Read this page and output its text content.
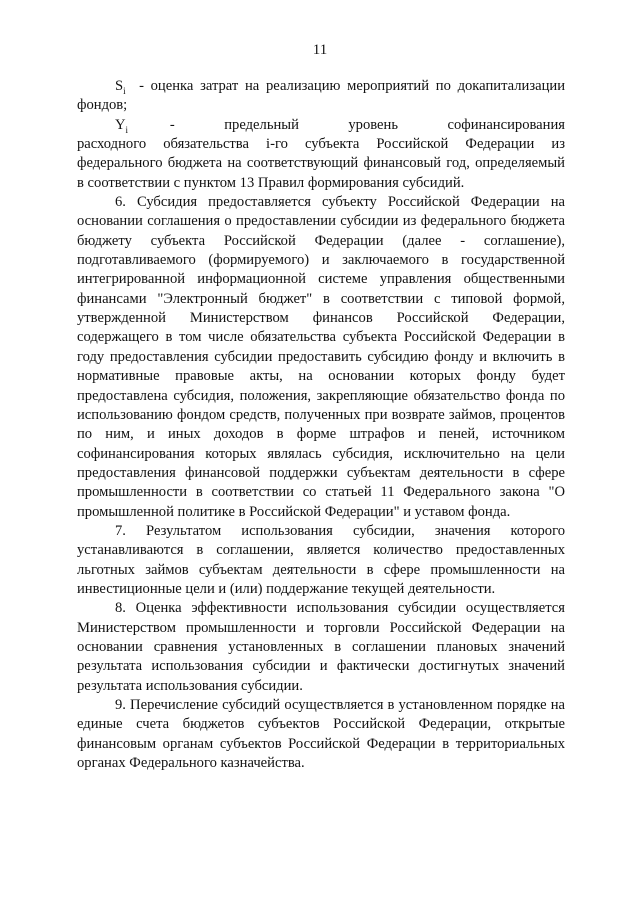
11

$S_i$ - оценка затрат на реализацию мероприятий по докапитализации фондов;

$Y_i$	- предельный уровень софинансирования расходного обязательства i-го субъекта Российской Федерации из федерального бюджета на соответствующий финансовый год, определяемый в соответствии с пунктом 13 Правил формирования субсидий.

6. Субсидия предоставляется субъекту Российской Федерации на основании соглашения о предоставлении субсидии из федерального бюджета бюджету субъекта Российской Федерации (далее - соглашение), подготавливаемого (формируемого) и заключаемого в государственной интегрированной информационной системе управления общественными финансами "Электронный бюджет" в соответствии с типовой формой, утвержденной Министерством финансов Российской Федерации, содержащего в том числе обязательства субъекта Российской Федерации в году предоставления субсидии предоставить субсидию фонду и включить в нормативные правовые акты, на основании которых фонду будет предоставлена субсидия, положения, закрепляющие обязательство фонда по использованию фондом средств, полученных при возврате займов, процентов по ним, и иных доходов в форме штрафов и пеней, источником софинансирования которых являлась субсидия, исключительно на цели предоставления финансовой поддержки субъектам деятельности в сфере промышленности в соответствии со статьей 11 Федерального закона "О промышленной политике в Российской Федерации" и уставом фонда.

7. Результатом использования субсидии, значения которого устанавливаются в соглашении, является количество предоставленных льготных займов субъектам деятельности в сфере промышленности на инвестиционные цели и (или) поддержание текущей деятельности.

8. Оценка эффективности использования субсидии осуществляется Министерством промышленности и торговли Российской Федерации на основании сравнения установленных в соглашении плановых значений результата использования субсидии и фактически достигнутых значений результата использования субсидии.

9. Перечисление субсидий осуществляется в установленном порядке на единые счета бюджетов субъектов Российской Федерации, открытые финансовым органам субъектов Российской Федерации в территориальных органах Федерального казначейства.
